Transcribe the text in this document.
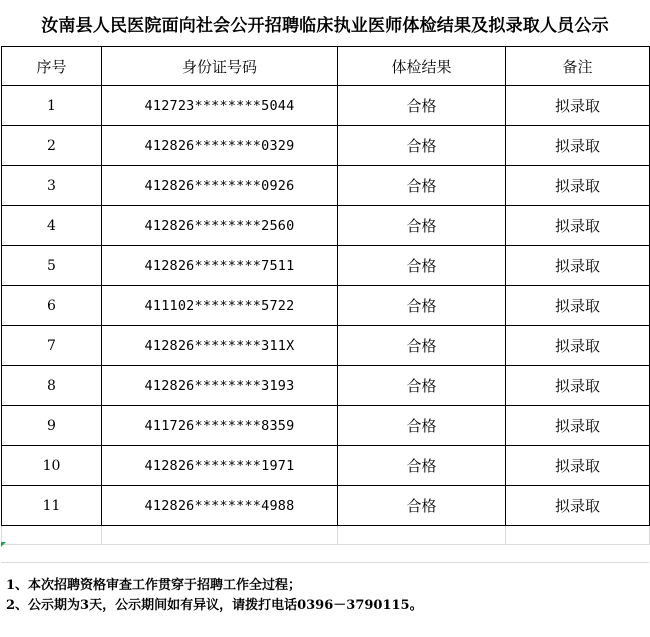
汝南县人民医院面向社会公开招聘临床执业医师体检结果及拟录取人员公示
序号	身份证号码	体检结果	备注
1	412723********5044	合格	拟录取
2	412826********0329	合格	拟录取
3	412826********0926	合格	拟录取
4	412826********2560	合格	拟录取
5	412826********7511	合格	拟录取
6	411102********5722	合格	拟录取
7	412826********311X	合格	拟录取
8	412826********3193	合格	拟录取
9	411726********8359	合格	拟录取
10	412826********1971	合格	拟录取
11	412826********4988	合格	拟录取

1、本次招聘资格审查工作贯穿于招聘工作全过程；
2、公示期为3天，公示期间如有异议，请拨打电话0396－3790115。
